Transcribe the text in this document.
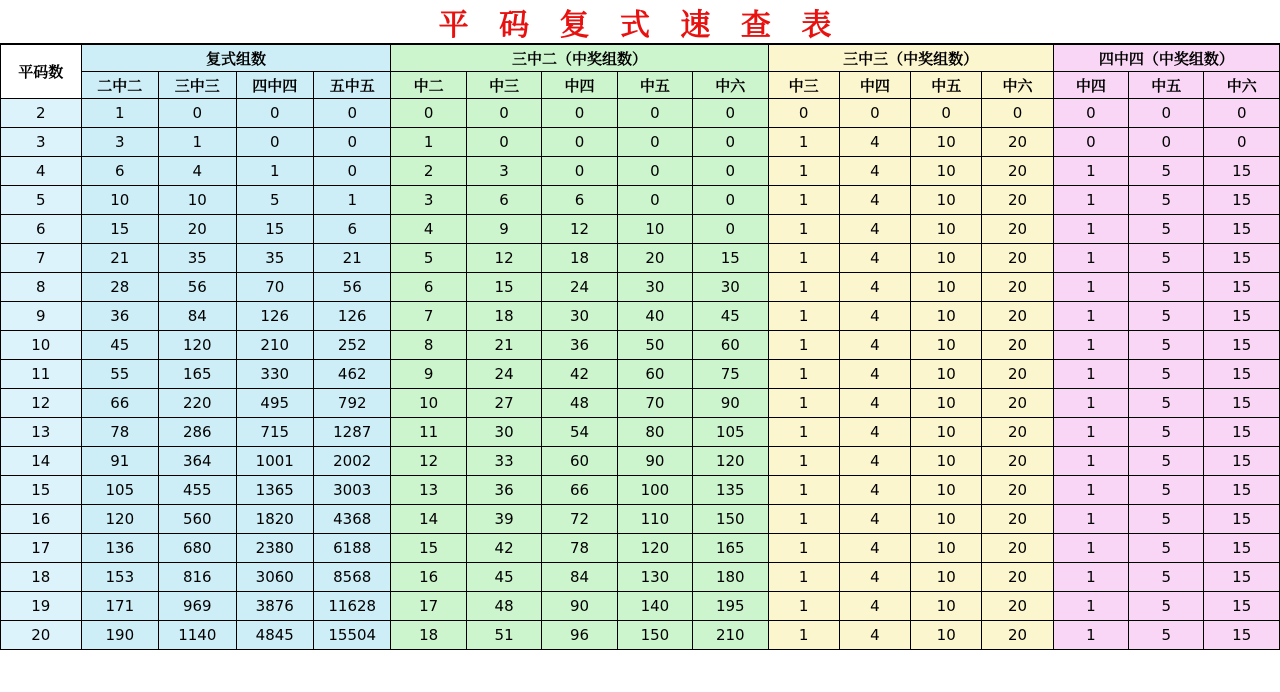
平 码 复 式 速 查 表
平码数	复式组数				三中二（中奖组数）					三中三（中奖组数）				四中四（中奖组数）		
	二中二	三中三	四中四	五中五	中二	中三	中四	中五	中六	中三	中四	中五	中六	中四	中五	中六
2	1	0	0	0	0	0	0	0	0	0	0	0	0	0	0	0
3	3	1	0	0	1	0	0	0	0	1	4	10	20	0	0	0
4	6	4	1	0	2	3	0	0	0	1	4	10	20	1	5	15
5	10	10	5	1	3	6	6	0	0	1	4	10	20	1	5	15
6	15	20	15	6	4	9	12	10	0	1	4	10	20	1	5	15
7	21	35	35	21	5	12	18	20	15	1	4	10	20	1	5	15
8	28	56	70	56	6	15	24	30	30	1	4	10	20	1	5	15
9	36	84	126	126	7	18	30	40	45	1	4	10	20	1	5	15
10	45	120	210	252	8	21	36	50	60	1	4	10	20	1	5	15
11	55	165	330	462	9	24	42	60	75	1	4	10	20	1	5	15
12	66	220	495	792	10	27	48	70	90	1	4	10	20	1	5	15
13	78	286	715	1287	11	30	54	80	105	1	4	10	20	1	5	15
14	91	364	1001	2002	12	33	60	90	120	1	4	10	20	1	5	15
15	105	455	1365	3003	13	36	66	100	135	1	4	10	20	1	5	15
16	120	560	1820	4368	14	39	72	110	150	1	4	10	20	1	5	15
17	136	680	2380	6188	15	42	78	120	165	1	4	10	20	1	5	15
18	153	816	3060	8568	16	45	84	130	180	1	4	10	20	1	5	15
19	171	969	3876	11628	17	48	90	140	195	1	4	10	20	1	5	15
20	190	1140	4845	15504	18	51	96	150	210	1	4	10	20	1	5	15
